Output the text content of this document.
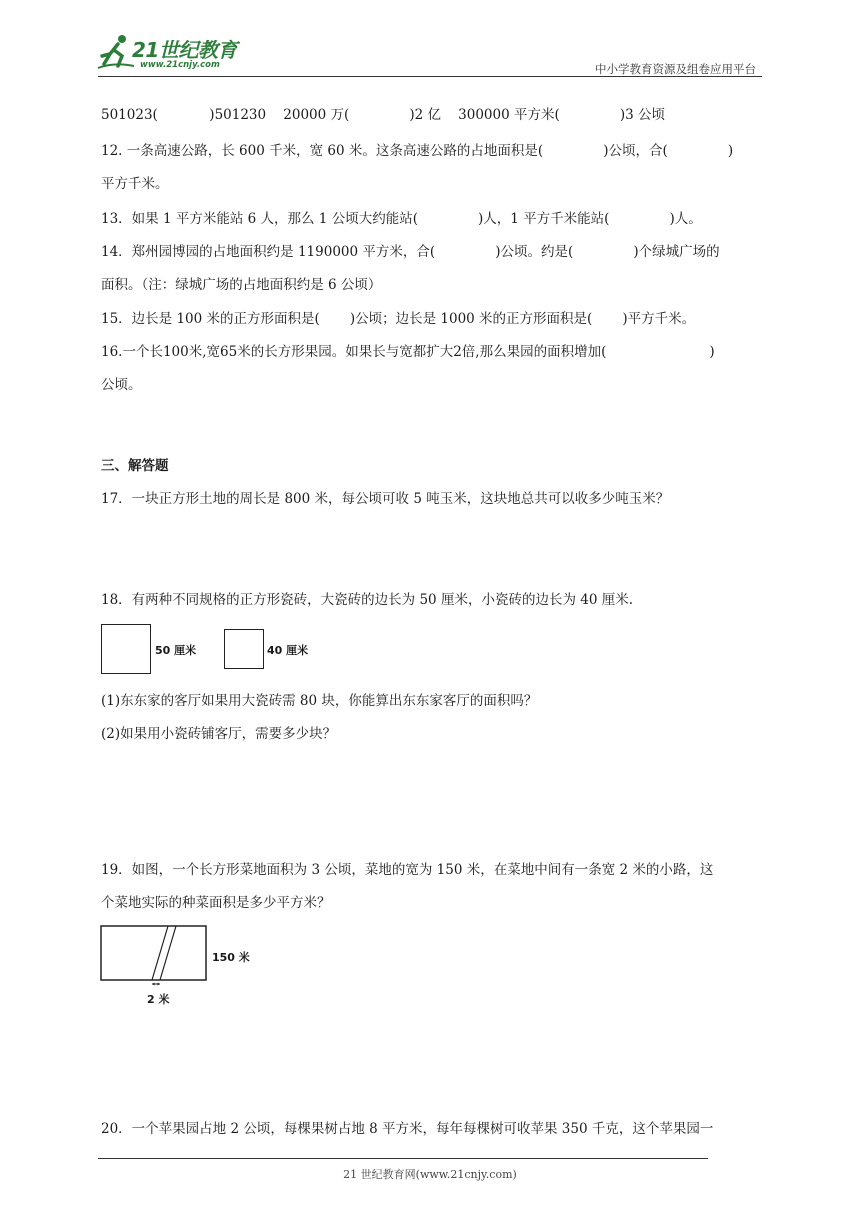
21世纪教育
www.21cnjy.com	中小学教育资源及组卷应用平台
501023(            )501230    20000 万(              )2 亿    300000 平方米(              )3 公顷
12. 一条高速公路，长 600 千米，宽 60 米。这条高速公路的占地面积是(              )公顷，合(              )
平方千米。
13．如果 1 平方米能站 6 人，那么 1 公顷大约能站(              )人，1 平方千米能站(              )人。
14．郑州园博园的占地面积约是 1190000 平方米，合(              )公顷。约是(              )个绿城广场的
面积。（注：绿城广场的占地面积约是 6 公顷）
15．边长是 100 米的正方形面积是(       )公顷；边长是 1000 米的正方形面积是(       )平方千米。
16.一个长100米,宽65米的长方形果园。如果长与宽都扩大2倍,那么果园的面积增加(                        )
公顷。
三、解答题
17．一块正方形土地的周长是 800 米，每公顷可收 5 吨玉米，这块地总共可以收多少吨玉米？
18．有两种不同规格的正方形瓷砖，大瓷砖的边长为 50 厘米，小瓷砖的边长为 40 厘米.
50 厘米	40 厘米
(1)东东家的客厅如果用大瓷砖需 80 块，你能算出东东家客厅的面积吗？
(2)如果用小瓷砖铺客厅，需要多少块？
19．如图，一个长方形菜地面积为 3 公顷，菜地的宽为 150 米，在菜地中间有一条宽 2 米的小路，这
个菜地实际的种菜面积是多少平方米？
150 米
2 米
20．一个苹果园占地 2 公顷，每棵果树占地 8 平方米，每年每棵树可收苹果 350 千克，这个苹果园一
21 世纪教育网(www.21cnjy.com)
